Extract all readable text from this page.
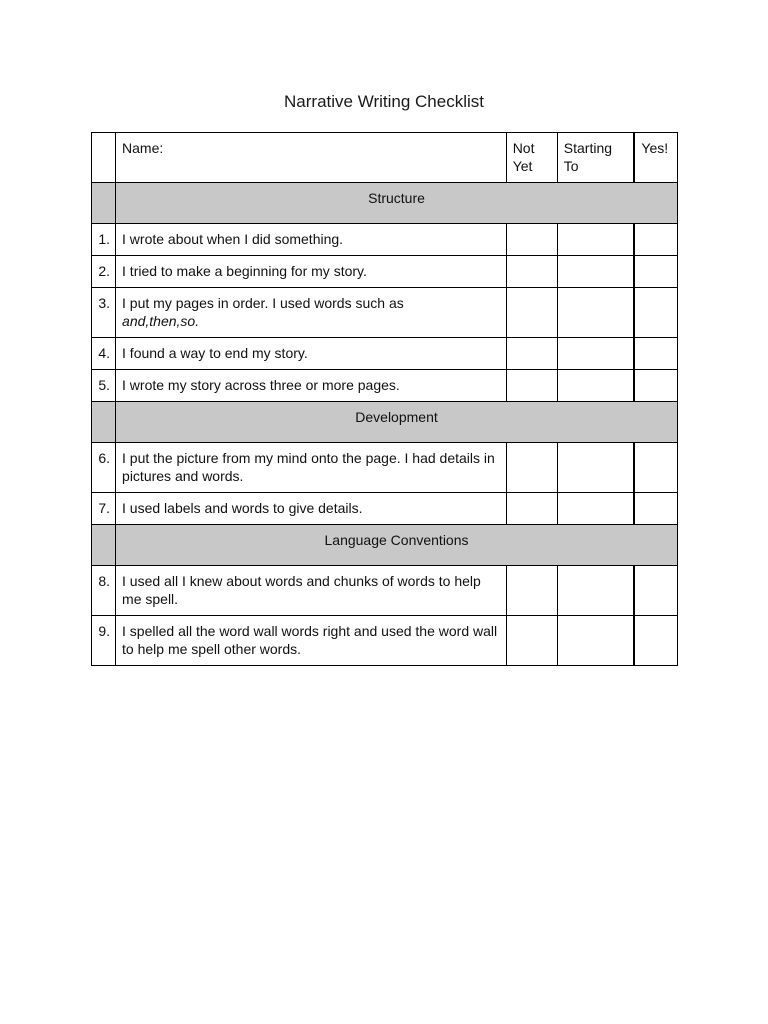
Narrative Writing Checklist
	Name:	Not Yet	Starting To	Yes!
	Structure			
1.	I wrote about when I did something.			
2.	I tried to make a beginning for my story.			
3.	I put my pages in order. I used words such as
and,then,so.			
4.	I found a way to end my story.			
5.	I wrote my story across three or more pages.			
	Development			
6.	I put the picture from my mind onto the page. I had details in pictures and words.			
7.	I used labels and words to give details.			
	Language Conventions			
8.	I used all I knew about words and chunks of words to help me spell.			
9.	I spelled all the word wall words right and used the word wall to help me spell other words.			
